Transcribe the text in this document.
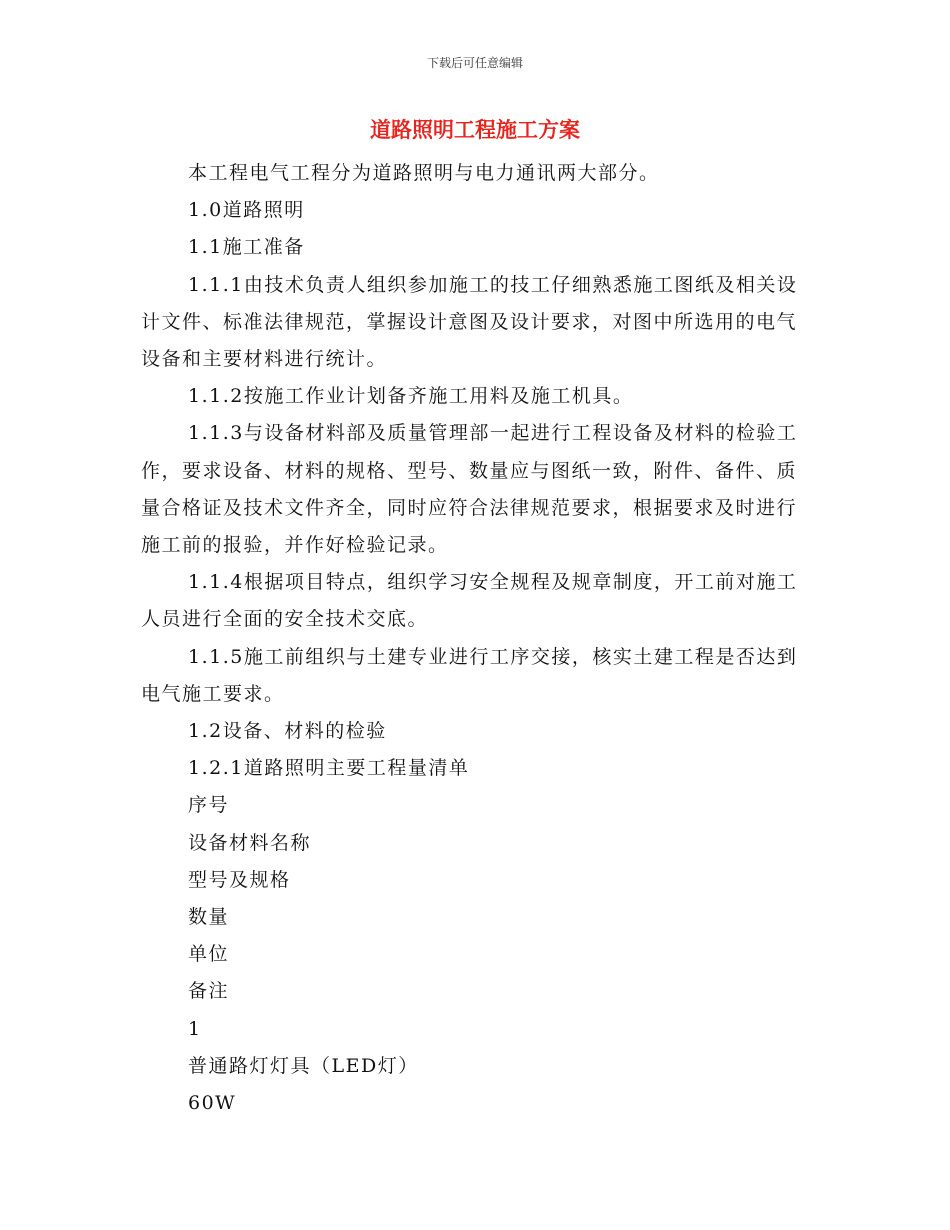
下载后可任意编辑
道路照明工程施工方案

本工程电气工程分为道路照明与电力通讯两大部分。

1.0道路照明

1.1施工准备

1.1.1由技术负责人组织参加施工的技工仔细熟悉施工图纸及相关设计文件、标准法律规范，掌握设计意图及设计要求，对图中所选用的电气设备和主要材料进行统计。

1.1.2按施工作业计划备齐施工用料及施工机具。

1.1.3与设备材料部及质量管理部一起进行工程设备及材料的检验工作，要求设备、材料的规格、型号、数量应与图纸一致，附件、备件、质量合格证及技术文件齐全，同时应符合法律规范要求，根据要求及时进行施工前的报验，并作好检验记录。

1.1.4根据项目特点，组织学习安全规程及规章制度，开工前对施工人员进行全面的安全技术交底。

1.1.5施工前组织与土建专业进行工序交接，核实土建工程是否达到电气施工要求。

1.2设备、材料的检验

1.2.1道路照明主要工程量清单

序号

设备材料名称

型号及规格

数量

单位

备注

1

普通路灯灯具（LED灯）

60W
